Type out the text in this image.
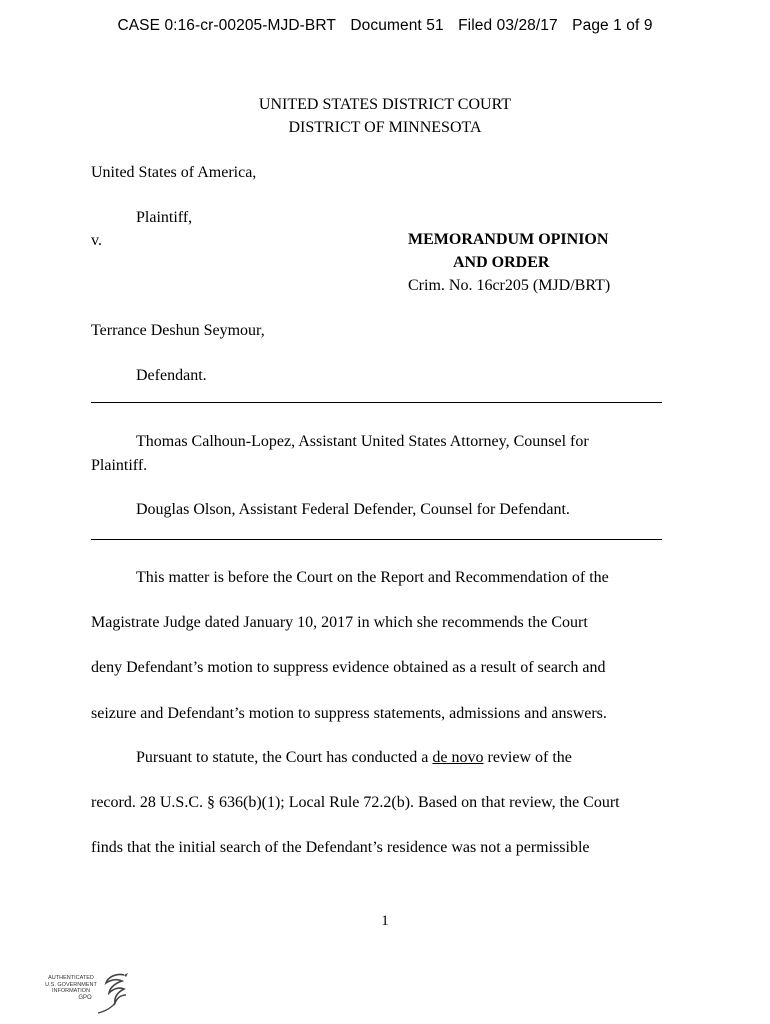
CASE 0:16-cr-00205-MJD-BRT Document 51 Filed 03/28/17 Page 1 of 9
UNITED STATES DISTRICT COURT
DISTRICT OF MINNESOTA
United States of America,
Plaintiff,
v.	MEMORANDUM OPINION
AND ORDER
Crim. No. 16cr205 (MJD/BRT)
Terrance Deshun Seymour,
Defendant.
Thomas Calhoun-Lopez, Assistant United States Attorney, Counsel for
Plaintiff.
Douglas Olson, Assistant Federal Defender, Counsel for Defendant.
This matter is before the Court on the Report and Recommendation of the
Magistrate Judge dated January 10, 2017 in which she recommends the Court
deny Defendant’s motion to suppress evidence obtained as a result of search and
seizure and Defendant’s motion to suppress statements, admissions and answers.
Pursuant to statute, the Court has conducted a de novo review of the
record. 28 U.S.C. § 636(b)(1); Local Rule 72.2(b). Based on that review, the Court
finds that the initial search of the Defendant’s residence was not a permissible
1
AUTHENTICATED
U.S. GOVERNMENT
INFORMATION
GPO
